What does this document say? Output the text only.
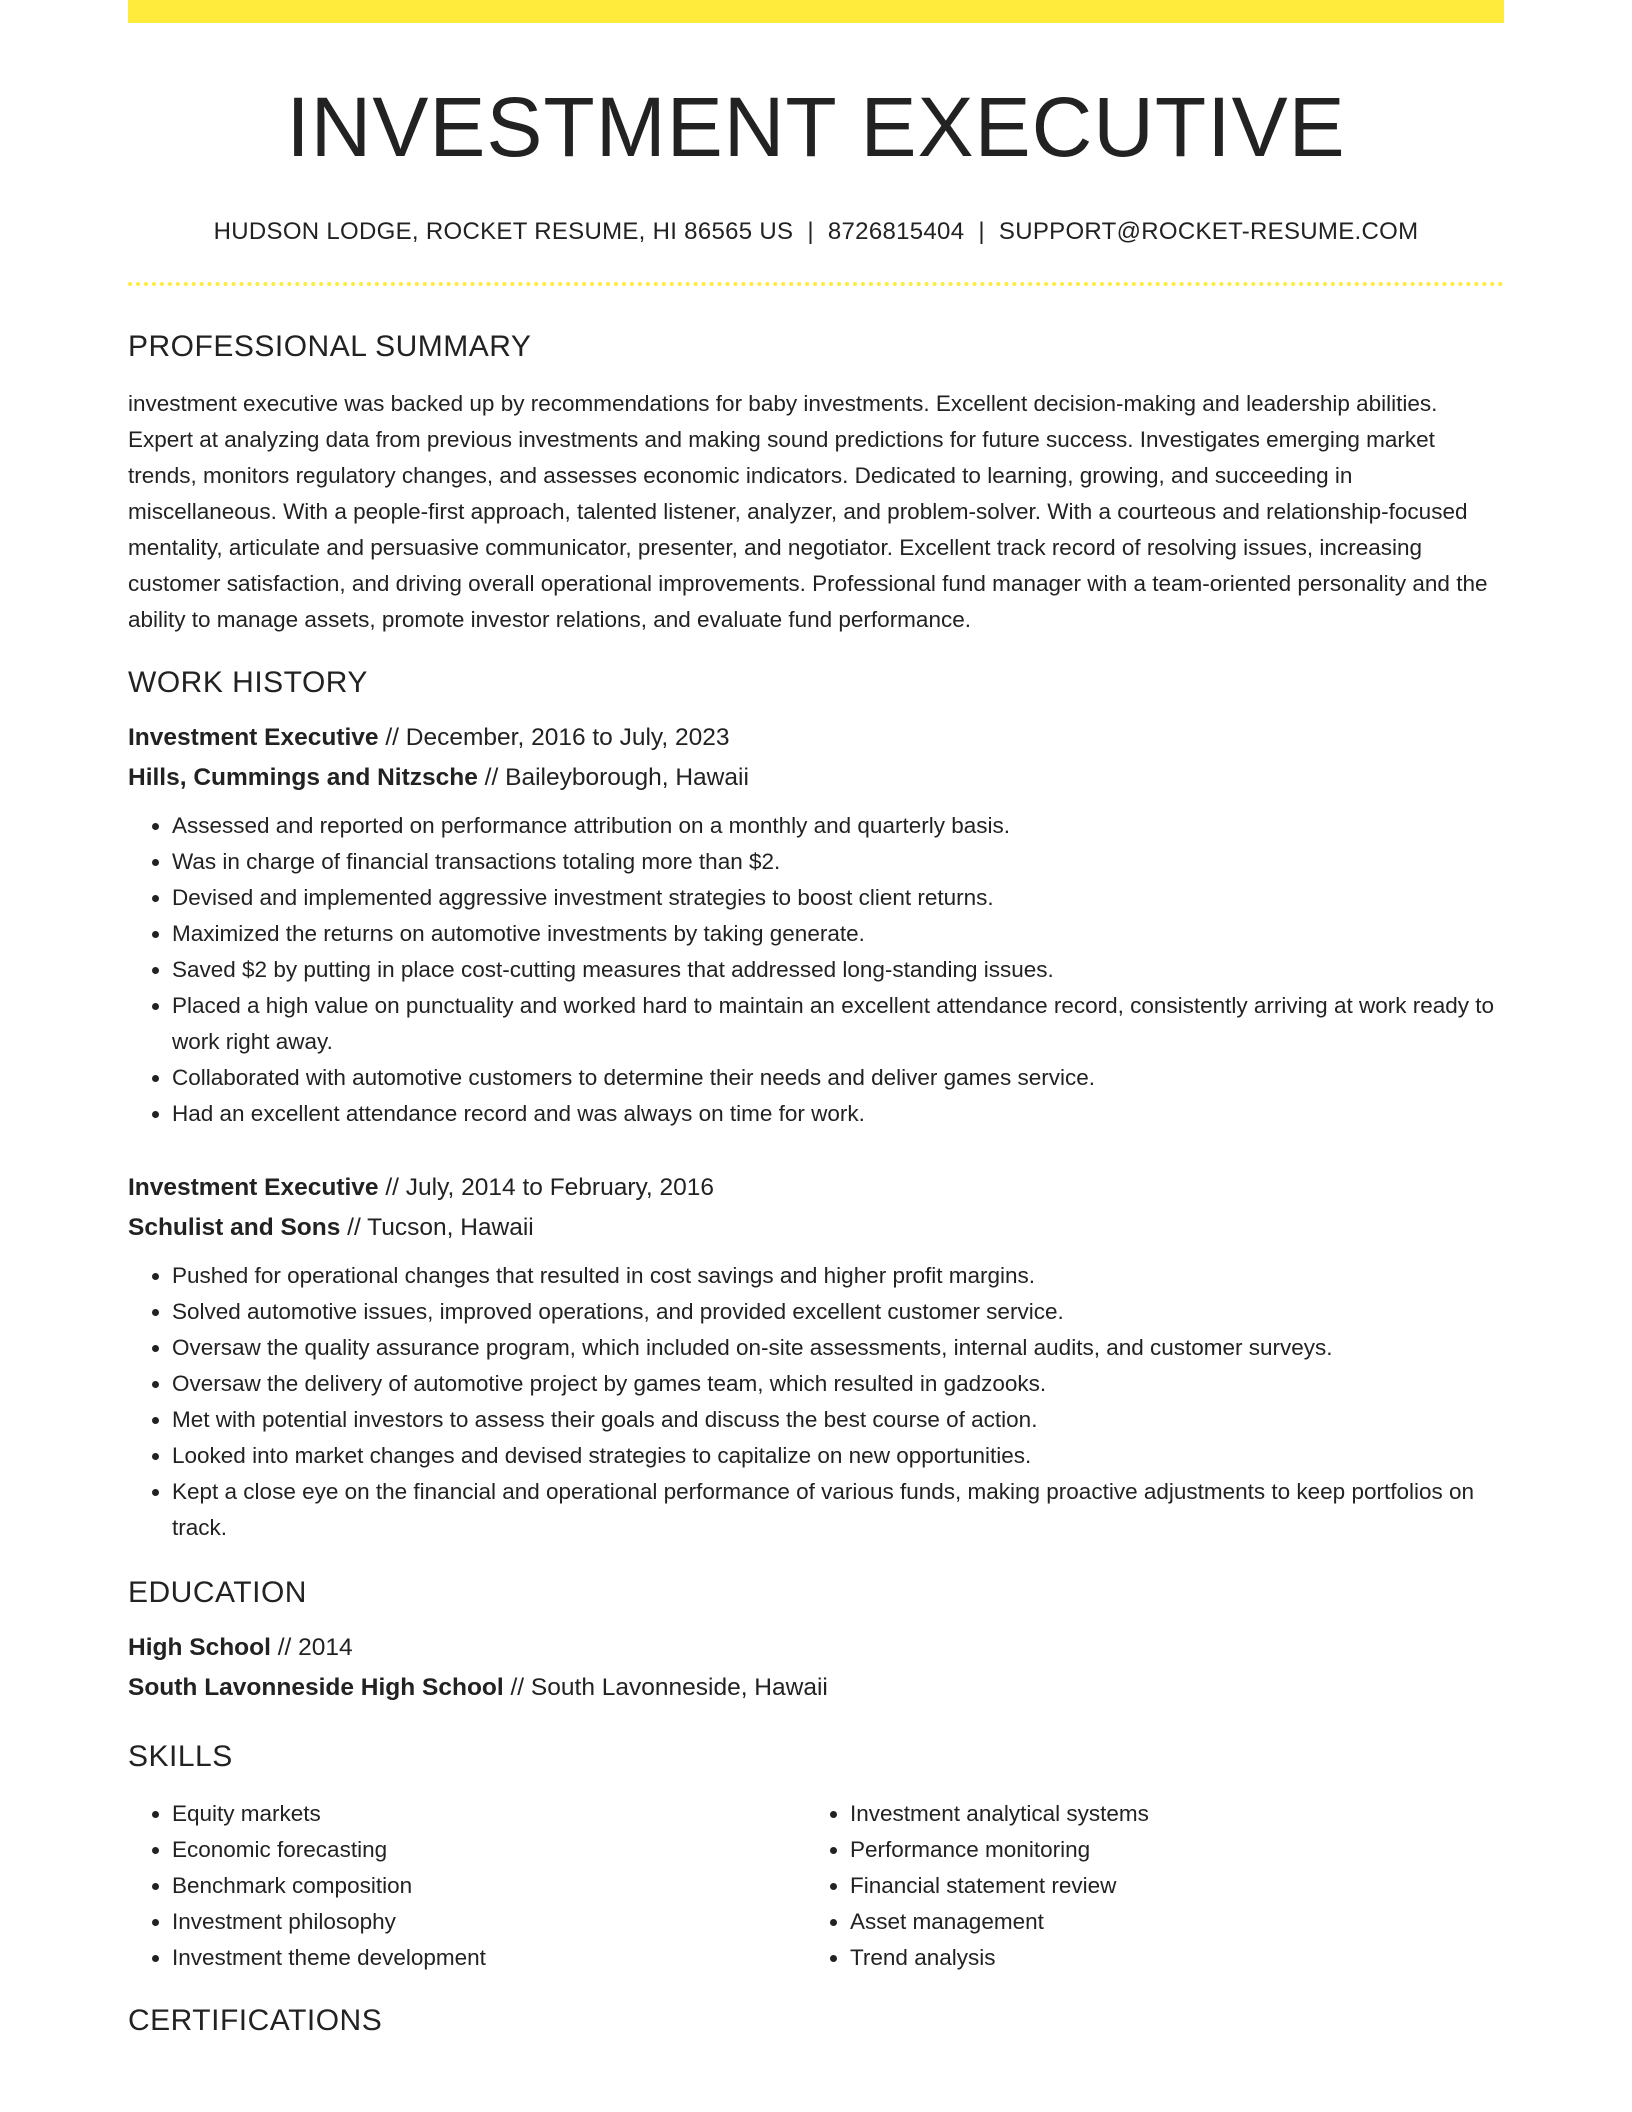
INVESTMENT EXECUTIVE
HUDSON LODGE, ROCKET RESUME, HI 86565 US | 8726815404 | SUPPORT@ROCKET-RESUME.COM
PROFESSIONAL SUMMARY

investment executive was backed up by recommendations for baby investments. Excellent decision-making and leadership abilities. Expert at analyzing data from previous investments and making sound predictions for future success. Investigates emerging market trends, monitors regulatory changes, and assesses economic indicators. Dedicated to learning, growing, and succeeding in miscellaneous. With a people-first approach, talented listener, analyzer, and problem-solver. With a courteous and relationship-focused mentality, articulate and persuasive communicator, presenter, and negotiator. Excellent track record of resolving issues, increasing customer satisfaction, and driving overall operational improvements. Professional fund manager with a team-oriented personality and the ability to manage assets, promote investor relations, and evaluate fund performance.

WORK HISTORY
Investment Executive // December, 2016 to July, 2023
Hills, Cummings and Nitzsche // Baileyborough, Hawaii
• Assessed and reported on performance attribution on a monthly and quarterly basis.
• Was in charge of financial transactions totaling more than $2.
• Devised and implemented aggressive investment strategies to boost client returns.
• Maximized the returns on automotive investments by taking generate.
• Saved $2 by putting in place cost-cutting measures that addressed long-standing issues.
• Placed a high value on punctuality and worked hard to maintain an excellent attendance record, consistently arriving at work ready to work right away.
• Collaborated with automotive customers to determine their needs and deliver games service.
• Had an excellent attendance record and was always on time for work.
Investment Executive // July, 2014 to February, 2016
Schulist and Sons // Tucson, Hawaii
• Pushed for operational changes that resulted in cost savings and higher profit margins.
• Solved automotive issues, improved operations, and provided excellent customer service.
• Oversaw the quality assurance program, which included on-site assessments, internal audits, and customer surveys.
• Oversaw the delivery of automotive project by games team, which resulted in gadzooks.
• Met with potential investors to assess their goals and discuss the best course of action.
• Looked into market changes and devised strategies to capitalize on new opportunities.
• Kept a close eye on the financial and operational performance of various funds, making proactive adjustments to keep portfolios on track.
EDUCATION
High School // 2014
South Lavonneside High School // South Lavonneside, Hawaii
SKILLS
• Equity markets
• Economic forecasting
• Benchmark composition
• Investment philosophy
• Investment theme development
• Investment analytical systems
• Performance monitoring
• Financial statement review
• Asset management
• Trend analysis
CERTIFICATIONS
